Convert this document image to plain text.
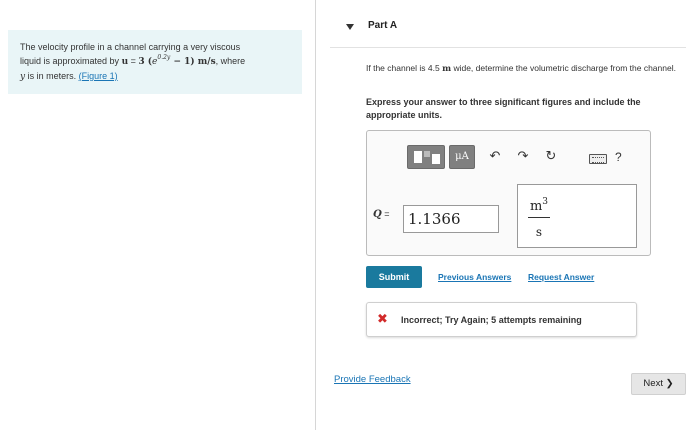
The velocity profile in a channel carrying a very viscous
liquid is approximated by u = 3 $(e^{0.2y} - 1)$ m/s, where
y is in meters. (Figure 1)
Part A
If the channel is 4.5 m wide, determine the volumetric discharge from the channel.
Express your answer to three significant figures and include the appropriate units.
μA	↶ ↷ ↻	?
Q =	1.1366
$m^3$
s
Submit	Previous Answers Request Answer
✖ Incorrect; Try Again; 5 attempts remaining
Provide Feedback	Next ❯
